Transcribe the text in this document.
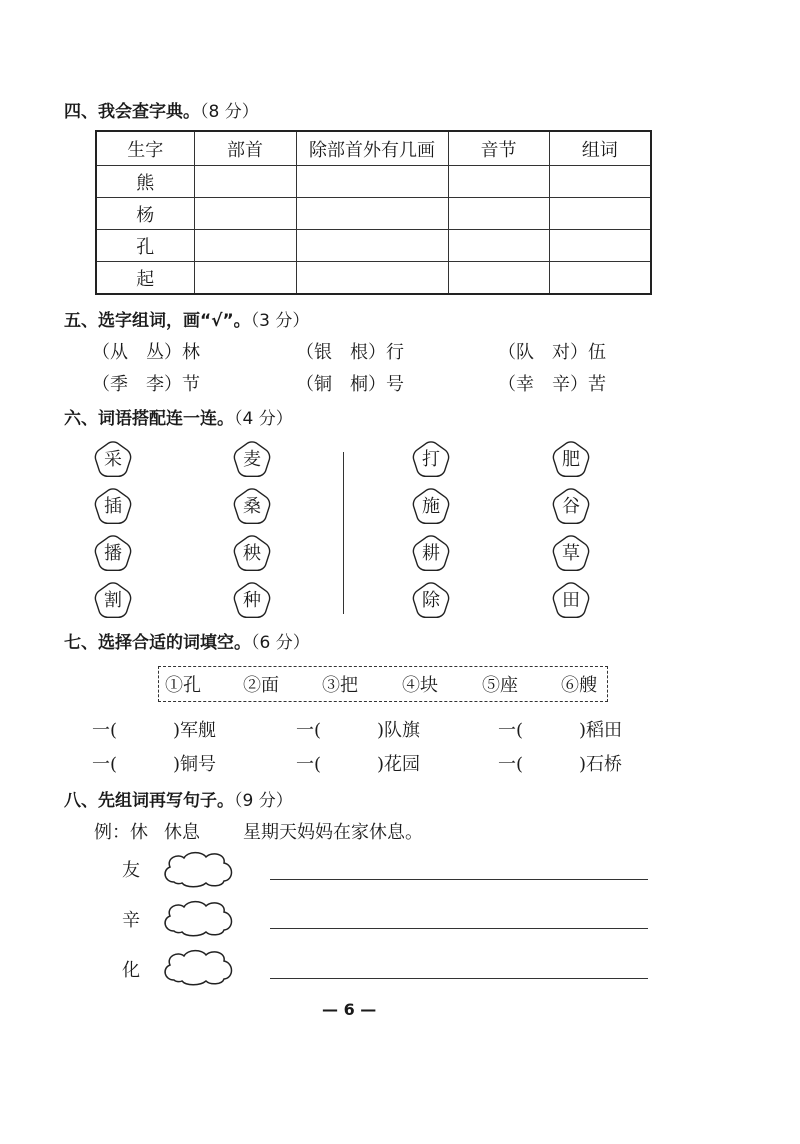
四、我会查字典。（8 分）
生字	部首	除部首外有几画	音节	组词
熊				
杨				
孔				
起				
五、选字组词，画“√”。（3 分）
（从　丛）林	（银　根）行	（队　对）伍
（季　李）节	（铜　桐）号	（幸　辛）苦
六、词语搭配连一连。（4 分）
采
插
播
割
麦
桑
秧
种
打
施
耕
除
肥
谷
草
田
七、选择合适的词填空。（6 分）
①孔 ②面 ③把 ④块 ⑤座 ⑥艘
一(	)军舰	一(	)队旗	一(	)稻田
一(	)铜号	一(	)花园	一(	)石桥
八、先组词再写句子。（9 分）
例：休 休息 星期天妈妈在家休息。
友
辛
化
— 6 —
